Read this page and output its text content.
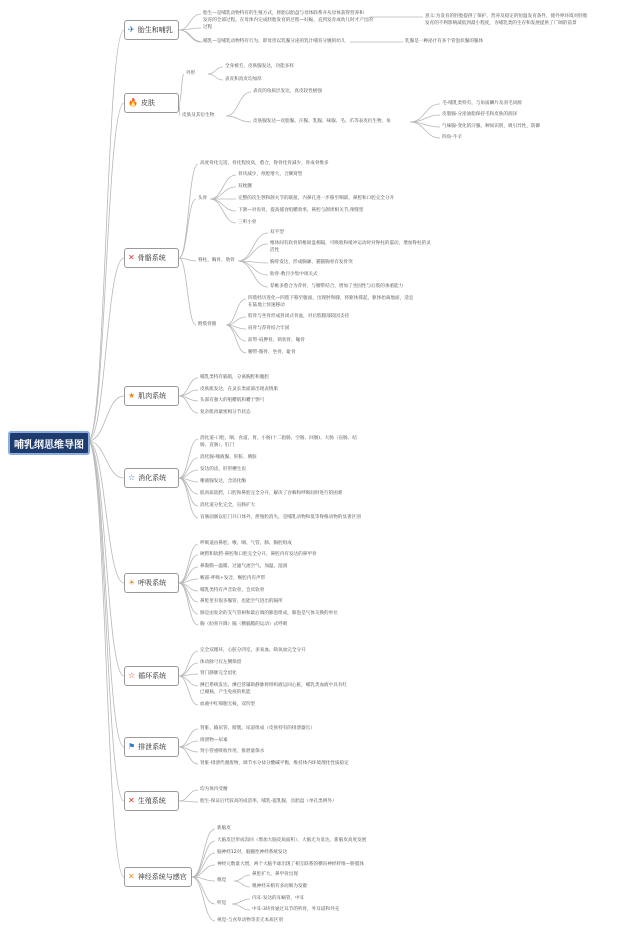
哺乳纲思维导图
✈ 胎生和哺乳
胎生—是哺乳动物特有的生殖方式，胚胎以胎盘与母体联系并从母体获得营养和
发育的全部过程。在母体内完成胚胎发育的过程—妊娠，直到发育成幼儿时才产出的
过程
哺乳—是哺乳动物特有行为，即母兽以乳腺分泌的乳汁哺育分娩的幼儿
意义:为发育的胚胎提供了保护、营养及稳定的恒温发育条件，使外界环境对胚胎
发育的不利影响减低到最小程度，为哺乳类的生存和发展提供了广阔的前景
乳腺是一种泌汁有多个管泡状腺的腺体
🔥 皮肤
外形
全身被毛，皮肤腺发达，功能多样
表皮和真皮均加厚
皮肤及其衍生物
表皮的角质层发达，真皮较性极强
皮肤腺发达—皮脂腺、汗腺、乳腺、味腺、毛、爪等表皮衍生物，角
毛-哺乳类特有，与角质鳞片及羽毛同源
皮脂腺-分泌油脂保持毛和皮肤的润泽
气味腺-变化的汗腺，种间识别，吸引异性，防御
四角-牛羊
✕ 骨骼系统
高度骨化完适，骨化程度高，愈合，脊骨化骨减少，骨成骨维多
头骨
骨块减少，颅腔增大，合颞窝型
双枕髁
完整的次生颚和颌关节的联接，内鼻孔进一步移至咽部，鼻腔和口腔完全分开
下颌—对齿骨，提高捕食咀嚼效率，鼻腔与颌周相关节,颅缝型
三听小骨
脊柱、胸骨、肋骨
双平型
椎体间有软骨的椎间盘相隔，可吸收和缓冲运动时对脊柱的震动，增加脊柱的灵
活性
胸骨发达，形成胸廓，猫猫胸骨有发骨突
肋骨-数目少集中项关式
荐椎多愈合为荐骨，与腰带结合，增加了坐固性与后肢的承重能力
附肢骨骼
四肢经历进化—四肢下移至腹面，出现肘和膝，将躯体撑起，躯体抬离地面，适宜
在陆地上快速移动
肢骨与坐骨形成封闭式骨盆，对后肢腿部较固支持
肩骨与荐骨结合牢固
前带-肩胛骨、锁状骨、喙骨
腰带-髂骨、坐骨、耻骨
★ 肌肉系统
哺乳类特有膈肌，分离胸腔和腹腔
皮肤肌发达，在灵长类面部出现表情肌
头部有强大的咀嚼肌和嚼于颚弓
复杂肌肉紧密相分节状态
☆ 消化系统
消化道-口腔、咽、食道、胃、小肠(十二指肠、空肠、回肠)、大肠（盲肠、结
肠、直肠），肛门
消化腺-唾液腺、肝脏、胰脏
发达的齿，肝形槽生齿
唾液腺发达，含消化酶
肌肉质软腭，口腔和鼻腔完全分开，解决了吞咽和呼吸间时进行的困难
消化道分化完全，盲肠扩大
盲肠面肠以肛门开口体外，泄殖腔消失，是哺乳动物和低等脊椎动物的显著区别
☀ 呼吸系统
呼吸道由鼻腔、喉、咽、气管、肺、胸腔组成
硬腭和软腭-鼻腔和口腔完全分开，鼻腔内有发达的鼻甲骨
鼻黏膜—温暖、过滤气流空气、加温、湿润
喉部-呼吸+发音，喉腔内有声带
哺乳类特有声音软骨，会厌软骨
鼻腔里有很多腺管，也能空气进出的隔所
肺是由复杂的支气管树和最后端的肺泡组成，肺泡是气体交换的单位
胸（肋骨升降）膈（横膈膜的运动）式呼吸
☆ 循环系统
完全双循环，心脏分四室，多氧血、缺氧血完全分开
体动脉弓仅左侧保留
肾门静脉完全退化
淋巴系统发达，淋巴管辅助静脉将组织液运回心脏，哺乳类血液中具有红
已褪核，产生免疫的机能
血液中红细胞无核，双凹型
⚑ 排泄系统
肾脏、输尿管、膀胱、尿道组成（皮肤特有的排泄器官）
排泄物—尿素
肾小管重吸收作用，排泄量保水
肾脏-排泄代谢废物，调节水分盐分酸碱平衡，维持体内环境理化性质稳定
✕ 生殖系统
均为体内受精
胎生-保证后代较高的成活率，哺乳-提乳腺，具胎盘（单孔类例外）
✕ 神经系统与感官
新脑皮
大脑皮层形成沟回（增加大脑皮质面积），大脑尤为发达，新脑皮高度发展
脑神经12对，脑髓性神经系统发达
神经元数量大增，两个大脑半球出现了相互联系的横向神经纤维—胼胝体
嗅觉
鼻腔扩大，鼻甲骨出现
嗅神经末梢有多而细为发散
听觉
内耳-发达的耳蜗管，中耳
中耳-3块骨通过耳节的听骨，外耳道和外壳
视觉-与食草动物等差无本质区别
